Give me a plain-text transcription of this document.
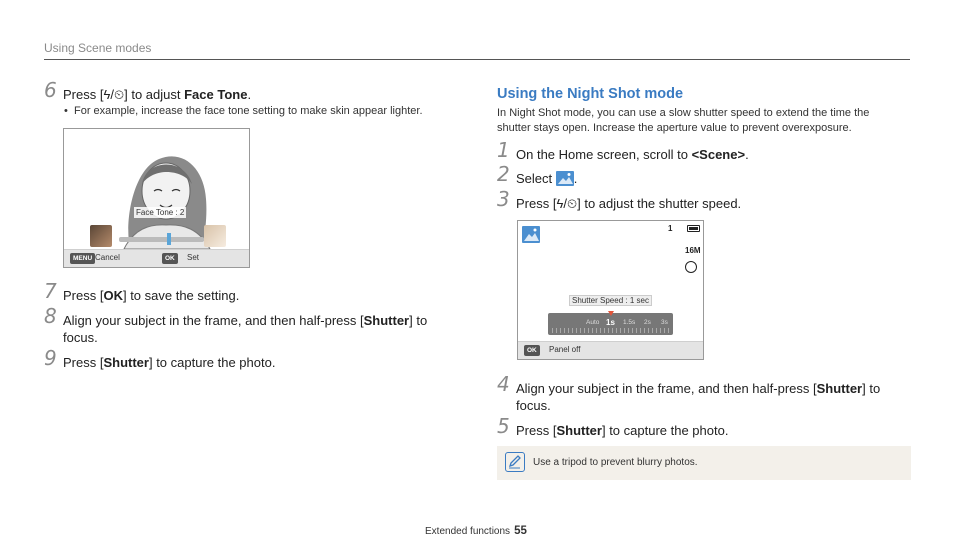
Using Scene modes
6 Press [ϟ/⏲] to adjust Face Tone.
• For example, increase the face tone setting to make skin appear lighter.
Face Tone : 2
MENU Cancel	OK	Set
7 Press [OK] to save the setting.
8 Align your subject in the frame, and then half-press [Shutter] to
focus.
9 Press [Shutter] to capture the photo.
Using the Night Shot mode
In Night Shot mode, you can use a slow shutter speed to extend the time the shutter stays open. Increase the aperture value to prevent overexposure.
1 On the Home screen, scroll to <Scene>.
2 Select
.
3 Press [ϟ/⏲] to adjust the shutter speed.
1
16M
Shutter Speed : 1 sec
Auto 1s 1.5s 2s 3s
OK	Panel off
4 Align your subject in the frame, and then half-press [Shutter] to
focus.
5 Press [Shutter] to capture the photo.
Use a tripod to prevent blurry photos.
Extended functions 55
